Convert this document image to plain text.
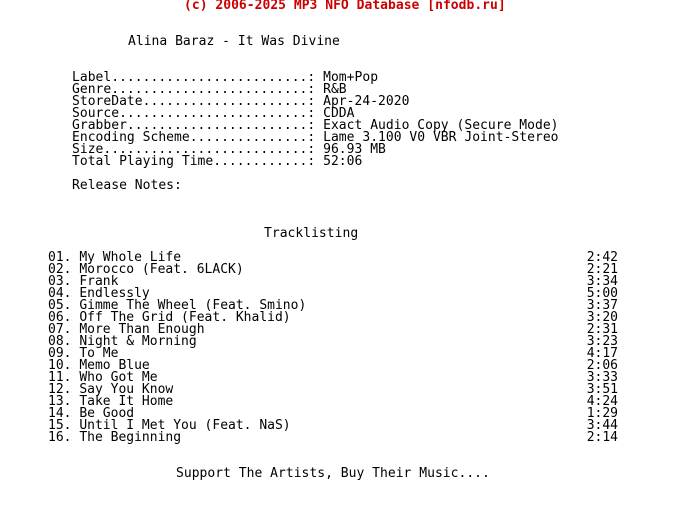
(c) 2006-2025 MP3 NFO Database [nfodb.ru]
Alina Baraz - It Was Divine
Label.........................: Mom+Pop
Genre.........................: R&B
StoreDate.....................: Apr-24-2020
Source........................: CDDA
Grabber.......................: Exact Audio Copy (Secure Mode)
Encoding Scheme...............: Lame 3.100 V0 VBR Joint-Stereo
Size..........................: 96.93 MB
Total Playing Time............: 52:06
Release Notes:
Tracklisting
01. My Whole Life	2:42
02. Morocco (Feat. 6LACK)	2:21
03. Frank	3:34
04. Endlessly	5:00
05. Gimme The Wheel (Feat. Smino)	3:37
06. Off The Grid (Feat. Khalid)	3:20
07. More Than Enough	2:31
08. Night & Morning	3:23
09. To Me	4:17
10. Memo Blue	2:06
11. Who Got Me	3:33
12. Say You Know	3:51
13. Take It Home	4:24
14. Be Good	1:29
15. Until I Met You (Feat. NaS)	3:44
16. The Beginning	2:14
Support The Artists, Buy Their Music....
